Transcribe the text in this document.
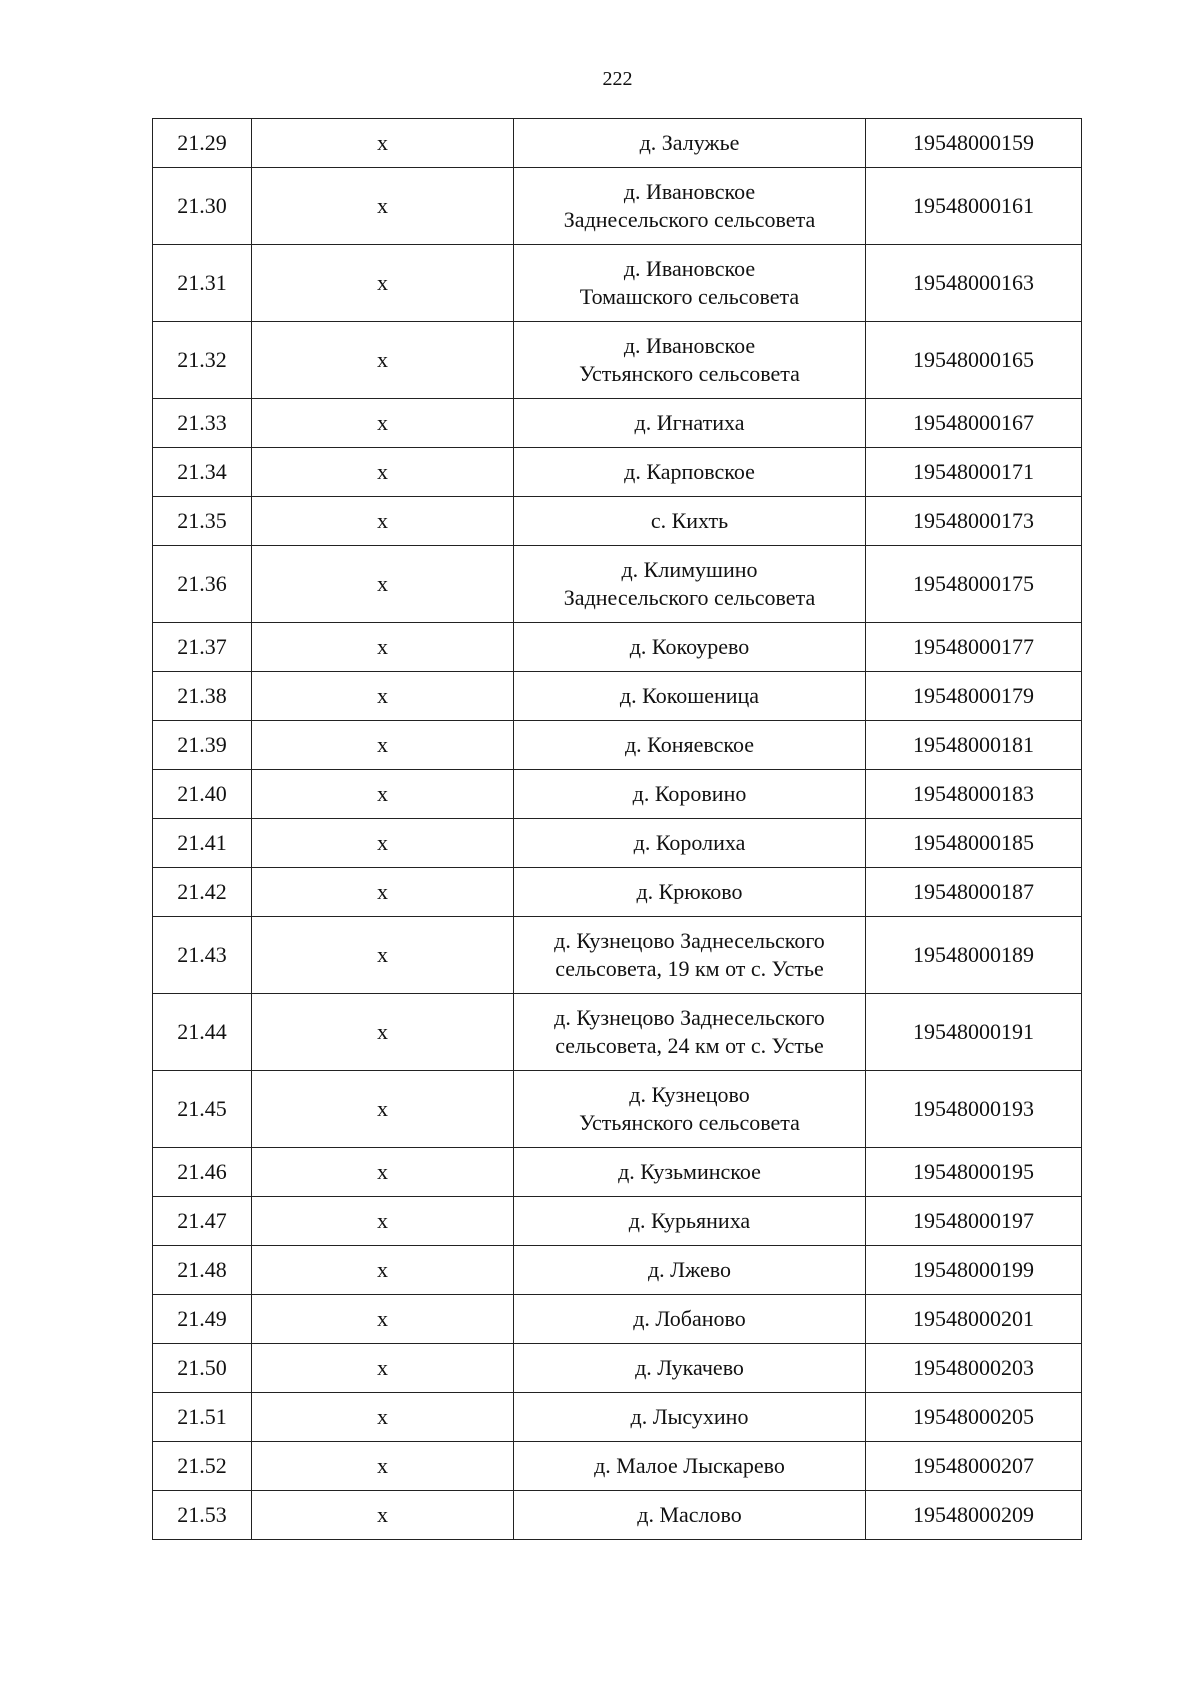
222
21.29	х	д. Залужье	19548000159
21.30	х	д. Ивановское
Заднесельского сельсовета	19548000161
21.31	х	д. Ивановское
Томашского сельсовета	19548000163
21.32	х	д. Ивановское
Устьянского сельсовета	19548000165
21.33	х	д. Игнатиха	19548000167
21.34	х	д. Карповское	19548000171
21.35	х	с. Кихть	19548000173
21.36	х	д. Климушино
Заднесельского сельсовета	19548000175
21.37	х	д. Кокоурево	19548000177
21.38	х	д. Кокошеница	19548000179
21.39	х	д. Коняевское	19548000181
21.40	х	д. Коровино	19548000183
21.41	х	д. Королиха	19548000185
21.42	х	д. Крюково	19548000187
21.43	х	д. Кузнецово Заднесельского
сельсовета, 19 км от с. Устье	19548000189
21.44	х	д. Кузнецово Заднесельского
сельсовета, 24 км от с. Устье	19548000191
21.45	х	д. Кузнецово
Устьянского сельсовета	19548000193
21.46	х	д. Кузьминское	19548000195
21.47	х	д. Курьяниха	19548000197
21.48	х	д. Лжево	19548000199
21.49	х	д. Лобаново	19548000201
21.50	х	д. Лукачево	19548000203
21.51	х	д. Лысухино	19548000205
21.52	х	д. Малое Лыскарево	19548000207
21.53	х	д. Маслово	19548000209
